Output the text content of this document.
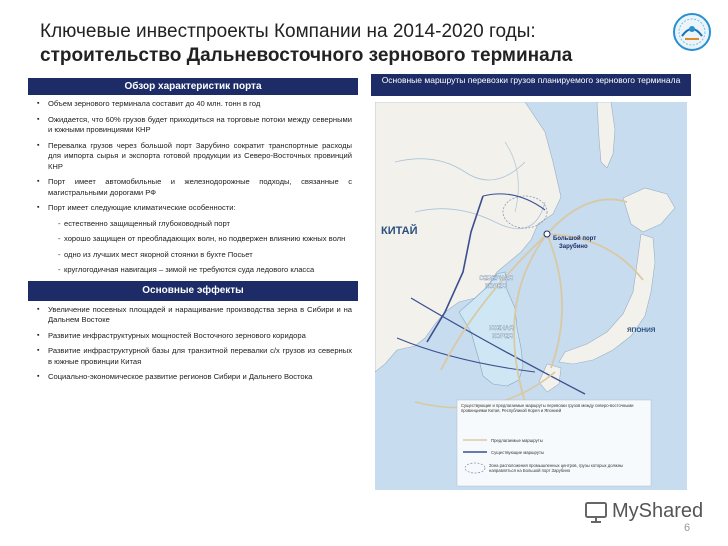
Ключевые инвестпроекты Компании на 2014-2020 годы:
строительство Дальневосточного зернового терминала
Обзор характеристик порта
▪ Объем зернового терминала составит до 40 млн. тонн в год
▪ Ожидается, что 60% грузов будет приходиться на торговые потоки между северными и южными провинциями КНР
▪ Перевалка грузов через большой порт Зарубино сократит транспортные расходы для импорта сырья и экспорта готовой продукции из Северо-Восточных провинций КНР
▪ Порт имеет автомобильные и железнодорожные подходы, связанные с магистральными дорогами РФ
▪ Порт имеет следующие климатические особенности:
- естественно защищенный глубоководный порт
- хорошо защищен от преобладающих волн, но подвержен влиянию южных волн
- одно из лучших мест якорной стоянки в бухте Посьет
- круглогодичная навигация – зимой не требуются суда ледового класса
Основные эффекты
▪ Увеличение посевных площадей и наращивание производства зерна в Сибири и на Дальнем Востоке
▪ Развитие инфраструктурных мощностей Восточного зернового коридора
▪ Развитие инфраструктурной базы для транзитной перевалки с/х грузов из северных в южные провинции Китая
▪ Социально-экономическое развитие регионов Сибири и Дальнего Востока
Основные маршруты перевозки грузов планируемого зернового терминала
КИТАЙ
СЕВЕРНАЯ
КОРЕЯ
ЮЖНАЯ
КОРЕЯ
ЯПОНИЯ
Большой порт
Зарубино
Существующие и предлагаемые маршруты перевозки грузов между северо-восточными провинциями Китая, Республикой Корея и Японией
Предлагаемые маршруты
Существующие маршруты
Зона расположения промышленных центров, грузы которых должны направляться на Большой порт Зарубино
MyShared
6
